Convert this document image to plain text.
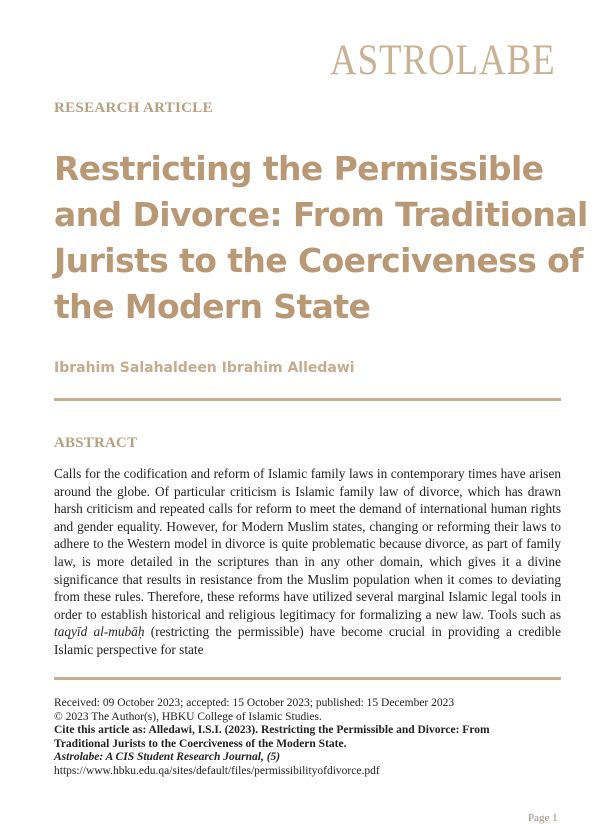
ASTROLABE
RESEARCH ARTICLE
Restricting the Permissible and Divorce: From Traditional Jurists to the Coerciveness of the Modern State
Ibrahim Salahaldeen Ibrahim Alledawi
ABSTRACT

Calls for the codification and reform of Islamic family laws in contemporary times have arisen around the globe. Of particular criticism is Islamic family law of divorce, which has drawn harsh criticism and repeated calls for reform to meet the demand of international human rights and gender equality. However, for Modern Muslim states, changing or reforming their laws to adhere to the Western model in divorce is quite problematic because divorce, as part of family law, is more detailed in the scriptures than in any other domain, which gives it a divine significance that results in resistance from the Muslim population when it comes to deviating from these rules. Therefore, these reforms have utilized several marginal Islamic legal tools in order to establish historical and religious legitimacy for formalizing a new law. Tools such as taqyīd al-mubāḥ (restricting the permissible) have become crucial in providing a credible Islamic perspective for state

Received: 09 October 2023; accepted: 15 October 2023; published: 15 December 2023
© 2023 The Author(s), HBKU College of Islamic Studies.
Cite this article as: Alledawi, I.S.I. (2023). Restricting the Permissible and Divorce: From
Traditional Jurists to the Coerciveness of the Modern State.
Astrolabe: A CIS Student Research Journal, (5)
https://www.hbku.edu.qa/sites/default/files/permissibilityofdivorce.pdf
Page 1
